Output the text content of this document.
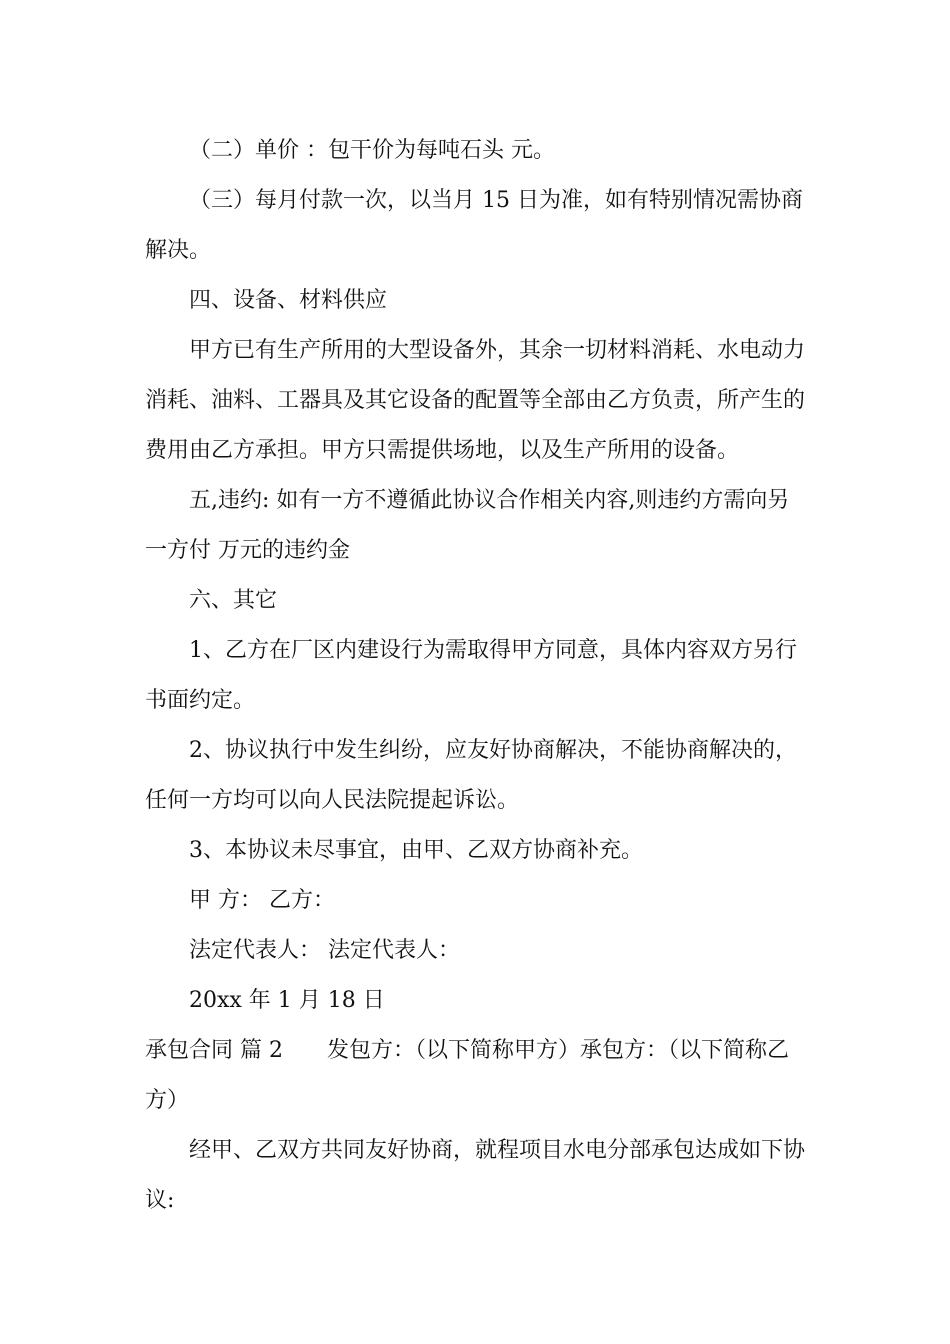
（二）单价 ：包干价为每吨石头 元。

（三）每月付款一次，以当月 15 日为准，如有特别情况需协商解决。

四、设备、材料供应

甲方已有生产所用的大型设备外，其余一切材料消耗、水电动力消耗、油料、工器具及其它设备的配置等全部由乙方负责，所产生的费用由乙方承担。甲方只需提供场地，以及生产所用的设备。

五,违约: 如有一方不遵循此协议合作相关内容,则违约方需向另一方付 万元的违约金

六、其它

1、乙方在厂区内建设行为需取得甲方同意，具体内容双方另行书面约定。

2、协议执行中发生纠纷，应友好协商解决，不能协商解决的，任何一方均可以向人民法院提起诉讼。

3、本协议未尽事宜，由甲、乙双方协商补充。

甲 方： 乙方：

法定代表人： 法定代表人：

20xx 年 1 月 18 日

承包合同 篇 2 发包方：（以下简称甲方）承包方：（以下简称乙方）

经甲、乙双方共同友好协商，就程项目水电分部承包达成如下协议:
